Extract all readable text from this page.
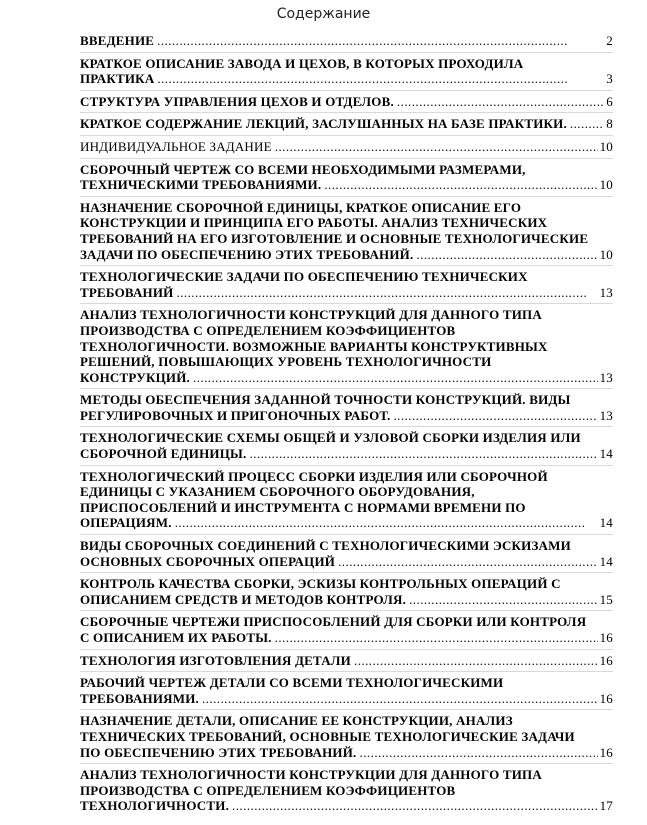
Содержание
ВВЕДЕНИЕ	2
КРАТКОЕ ОПИСАНИЕ ЗАВОДА И ЦЕХОВ, В КОТОРЫХ ПРОХОДИЛА ПРАКТИКА	3
СТРУКТУРА УПРАВЛЕНИЯ ЦЕХОВ И ОТДЕЛОВ.	6
КРАТКОЕ СОДЕРЖАНИЕ ЛЕКЦИЙ, ЗАСЛУШАННЫХ НА БАЗЕ ПРАКТИКИ.	8
ИНДИВИДУАЛЬНОЕ ЗАДАНИЕ	10
СБОРОЧНЫЙ ЧЕРТЕЖ СО ВСЕМИ НЕОБХОДИМЫМИ РАЗМЕРАМИ, ТЕХНИЧЕСКИМИ ТРЕБОВАНИЯМИ.	10
НАЗНАЧЕНИЕ СБОРОЧНОЙ ЕДИНИЦЫ, КРАТКОЕ ОПИСАНИЕ ЕГО КОНСТРУКЦИИ И ПРИНЦИПА ЕГО РАБОТЫ. АНАЛИЗ ТЕХНИЧЕСКИХ ТРЕБОВАНИЙ НА ЕГО ИЗГОТОВЛЕНИЕ И ОСНОВНЫЕ ТЕХНОЛОГИЧЕСКИЕ ЗАДАЧИ ПО ОБЕСПЕЧЕНИЮ ЭТИХ ТРЕБОВАНИЙ.	10
ТЕХНОЛОГИЧЕСКИЕ ЗАДАЧИ ПО ОБЕСПЕЧЕНИЮ ТЕХНИЧЕСКИХ ТРЕБОВАНИЙ	13
АНАЛИЗ ТЕХНОЛОГИЧНОСТИ КОНСТРУКЦИЙ ДЛЯ ДАННОГО ТИПА ПРОИЗВОДСТВА С ОПРЕДЕЛЕНИЕМ КОЭФФИЦИЕНТОВ ТЕХНОЛОГИЧНОСТИ. ВОЗМОЖНЫЕ ВАРИАНТЫ КОНСТРУКТИВНЫХ РЕШЕНИЙ, ПОВЫШАЮЩИХ УРОВЕНЬ ТЕХНОЛОГИЧНОСТИ КОНСТРУКЦИЙ.	13
МЕТОДЫ ОБЕСПЕЧЕНИЯ ЗАДАННОЙ ТОЧНОСТИ КОНСТРУКЦИЙ. ВИДЫ РЕГУЛИРОВОЧНЫХ И ПРИГОНОЧНЫХ РАБОТ.	13
ТЕХНОЛОГИЧЕСКИЕ СХЕМЫ ОБЩЕЙ И УЗЛОВОЙ СБОРКИ ИЗДЕЛИЯ ИЛИ СБОРОЧНОЙ ЕДИНИЦЫ.	14
ТЕХНОЛОГИЧЕСКИЙ ПРОЦЕСС СБОРКИ ИЗДЕЛИЯ ИЛИ СБОРОЧНОЙ ЕДИНИЦЫ С УКАЗАНИЕМ СБОРОЧНОГО ОБОРУДОВАНИЯ, ПРИСПОСОБЛЕНИЙ И ИНСТРУМЕНТА С НОРМАМИ ВРЕМЕНИ ПО ОПЕРАЦИЯМ.	14
ВИДЫ СБОРОЧНЫХ СОЕДИНЕНИЙ С ТЕХНОЛОГИЧЕСКИМИ ЭСКИЗАМИ ОСНОВНЫХ СБОРОЧНЫХ ОПЕРАЦИЙ	14
КОНТРОЛЬ КАЧЕСТВА СБОРКИ, ЭСКИЗЫ КОНТРОЛЬНЫХ ОПЕРАЦИЙ С ОПИСАНИЕМ СРЕДСТВ И МЕТОДОВ КОНТРОЛЯ.	15
СБОРОЧНЫЕ ЧЕРТЕЖИ ПРИСПОСОБЛЕНИЙ ДЛЯ СБОРКИ ИЛИ КОНТРОЛЯ С ОПИСАНИЕМ ИХ РАБОТЫ.	16
ТЕХНОЛОГИЯ ИЗГОТОВЛЕНИЯ ДЕТАЛИ	16
РАБОЧИЙ ЧЕРТЕЖ ДЕТАЛИ СО ВСЕМИ ТЕХНОЛОГИЧЕСКИМИ ТРЕБОВАНИЯМИ.	16
НАЗНАЧЕНИЕ ДЕТАЛИ, ОПИСАНИЕ ЕЕ КОНСТРУКЦИИ, АНАЛИЗ ТЕХНИЧЕСКИХ ТРЕБОВАНИЙ, ОСНОВНЫЕ ТЕХНОЛОГИЧЕСКИЕ ЗАДАЧИ ПО ОБЕСПЕЧЕНИЮ ЭТИХ ТРЕБОВАНИЙ.	16
АНАЛИЗ ТЕХНОЛОГИЧНОСТИ КОНСТРУКЦИИ ДЛЯ ДАННОГО ТИПА ПРОИЗВОДСТВА С ОПРЕДЕЛЕНИЕМ КОЭФФИЦИЕНТОВ ТЕХНОЛОГИЧНОСТИ.	17
